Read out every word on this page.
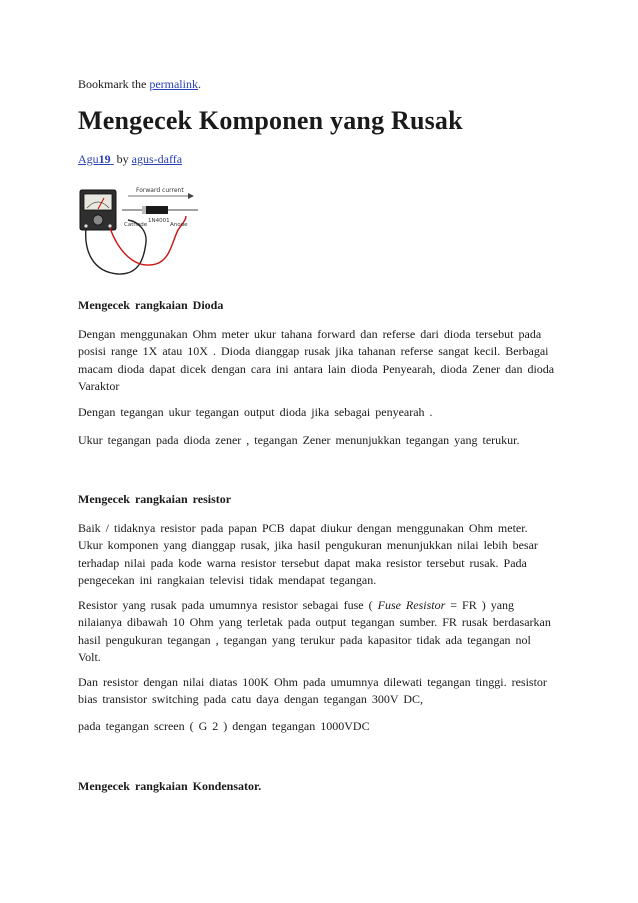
Bookmark the permalink.
Mengecek Komponen yang Rusak
Agu19  by agus-daffa
Forward current
1N4001
Cathode	Anode

Mengecek rangkaian Dioda

Dengan menggunakan Ohm meter ukur tahana forward dan referse dari dioda tersebut pada posisi range 1X atau 10X . Dioda dianggap rusak jika tahanan referse sangat kecil. Berbagai macam dioda dapat dicek dengan cara ini antara lain dioda Penyearah, dioda Zener dan dioda Varaktor

Dengan tegangan ukur tegangan output dioda jika sebagai penyearah .

Ukur tegangan pada dioda zener , tegangan Zener menunjukkan tegangan yang terukur.

Mengecek rangkaian resistor

Baik / tidaknya resistor pada papan PCB dapat diukur dengan menggunakan Ohm meter. Ukur komponen yang dianggap rusak, jika hasil pengukuran menunjukkan nilai lebih besar terhadap nilai pada kode warna resistor tersebut dapat maka resistor tersebut rusak. Pada pengecekan ini rangkaian televisi tidak mendapat tegangan.

Resistor yang rusak pada umumnya resistor sebagai fuse ( Fuse Resistor = FR ) yang nilaianya dibawah 10 Ohm yang terletak pada output tegangan sumber. FR rusak berdasarkan hasil pengukuran tegangan , tegangan yang terukur pada kapasitor tidak ada tegangan nol Volt.

Dan resistor dengan nilai diatas 100K Ohm pada umumnya dilewati tegangan tinggi. resistor bias transistor switching pada catu daya dengan tegangan 300V DC,

pada tegangan screen ( G 2 ) dengan tegangan 1000VDC

Mengecek rangkaian Kondensator.
